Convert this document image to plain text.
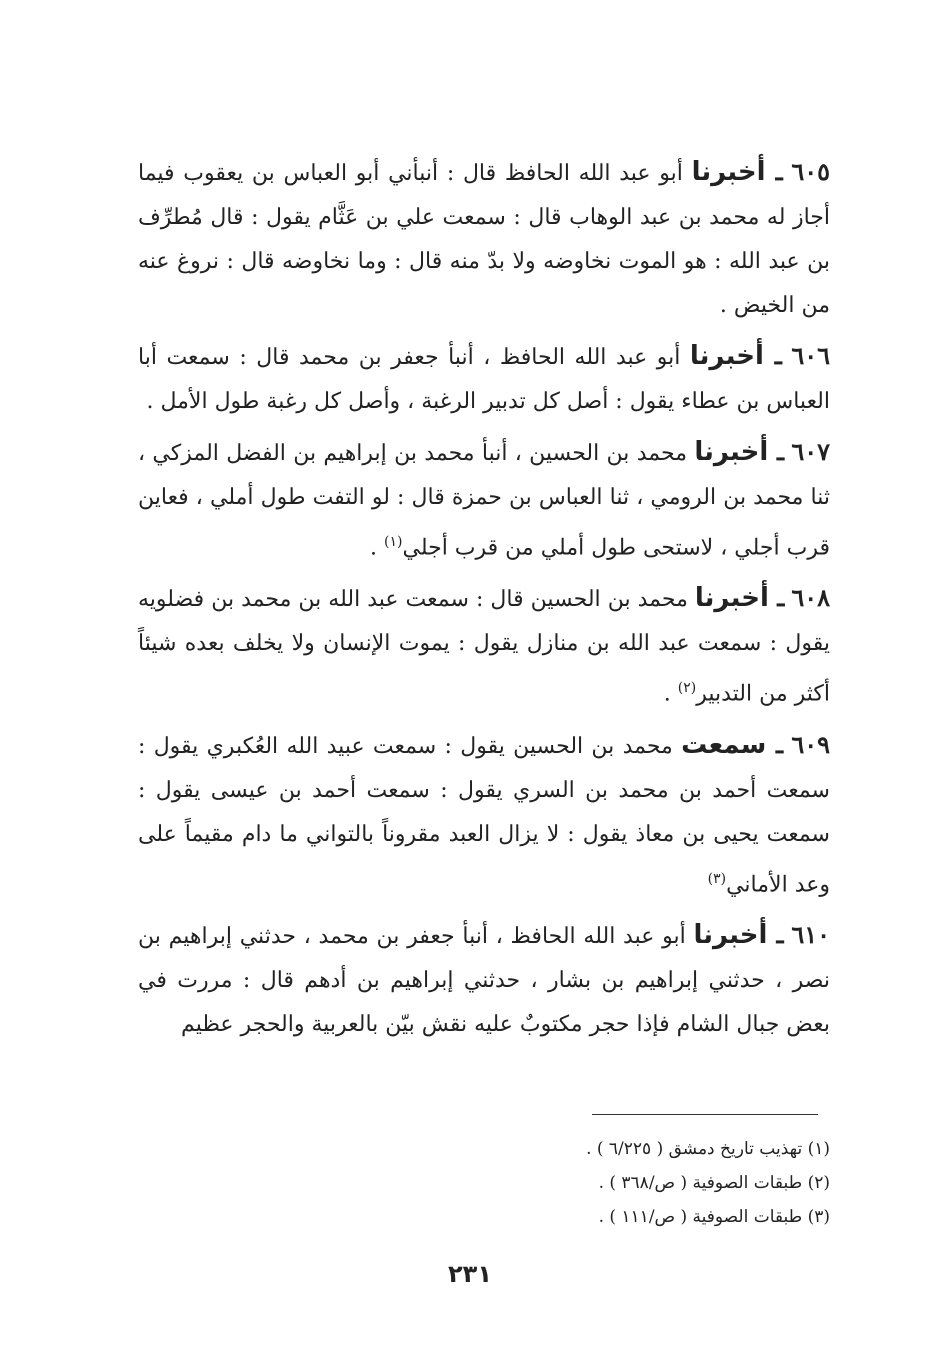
٦٠٥ ـ أخبرنا أبو عبد الله الحافظ قال : أنبأني أبو العباس بن يعقوب فيما أجاز له محمد بن عبد الوهاب قال : سمعت علي بن عَثَّام يقول : قال مُطرِّف بن عبد الله : هو الموت نخاوضه ولا بدّ منه قال : وما نخاوضه قال : نروغ عنه من الخيض .

٦٠٦ ـ أخبرنا أبو عبد الله الحافظ ، أنبأ جعفر بن محمد قال : سمعت أبا العباس بن عطاء يقول : أصل كل تدبير الرغبة ، وأصل كل رغبة طول الأمل .

٦٠٧ ـ أخبرنا محمد بن الحسين ، أنبأ محمد بن إبراهيم بن الفضل المزكي ، ثنا محمد بن الرومي ، ثنا العباس بن حمزة قال : لو التفت طول أملي ، فعاين قرب أجلي ، لاستحى طول أملي من قرب أجلي$^{(١)}$ .

٦٠٨ ـ أخبرنا محمد بن الحسين قال : سمعت عبد الله بن محمد بن فضلويه يقول : سمعت عبد الله بن منازل يقول : يموت الإنسان ولا يخلف بعده شيئاً أكثر من التدبير$^{(٢)}$ .

٦٠٩ ـ سمعت محمد بن الحسين يقول : سمعت عبيد الله العُكبري يقول : سمعت أحمد بن محمد بن السري يقول : سمعت أحمد بن عيسى يقول : سمعت يحيى بن معاذ يقول : لا يزال العبد مقروناً بالتواني ما دام مقيماً على وعد الأماني$^{(٣)}$

٦١٠ ـ أخبرنا أبو عبد الله الحافظ ، أنبأ جعفر بن محمد ، حدثني إبراهيم بن نصر ، حدثني إبراهيم بن بشار ، حدثني إبراهيم بن أدهم قال : مررت في بعض جبال الشام فإذا حجر مكتوبٌ عليه نقش بيّن بالعربية والحجر عظيم

(١) تهذيب تاريخ دمشق ( ٦/٢٢٥ ) .
(٢) طبقات الصوفية ( ص/٣٦٨ ) .
(٣) طبقات الصوفية ( ص/١١١ ) .
٢٣١
